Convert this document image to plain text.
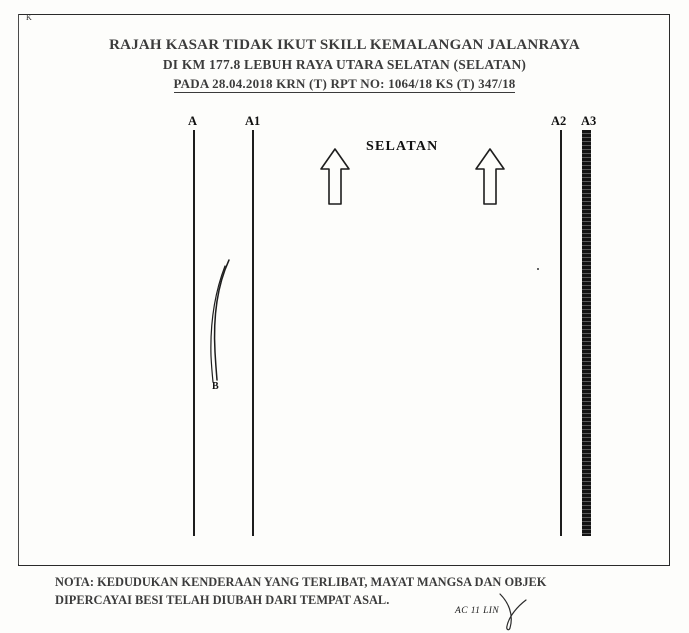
K
RAJAH KASAR TIDAK IKUT SKILL KEMALANGAN JALANRAYA
DI KM 177.8 LEBUH RAYA UTARA SELATAN (SELATAN)
PADA 28.04.2018 KRN (T) RPT NO: 1064/18 KS (T) 347/18
A	A1	A2 A3
SELATAN
B
NOTA: KEDUDUKAN KENDERAAN YANG TERLIBAT, MAYAT MANGSA DAN OBJEK
DIPERCAYAI BESI TELAH DIUBAH DARI TEMPAT ASAL.
AC 11 LIN
